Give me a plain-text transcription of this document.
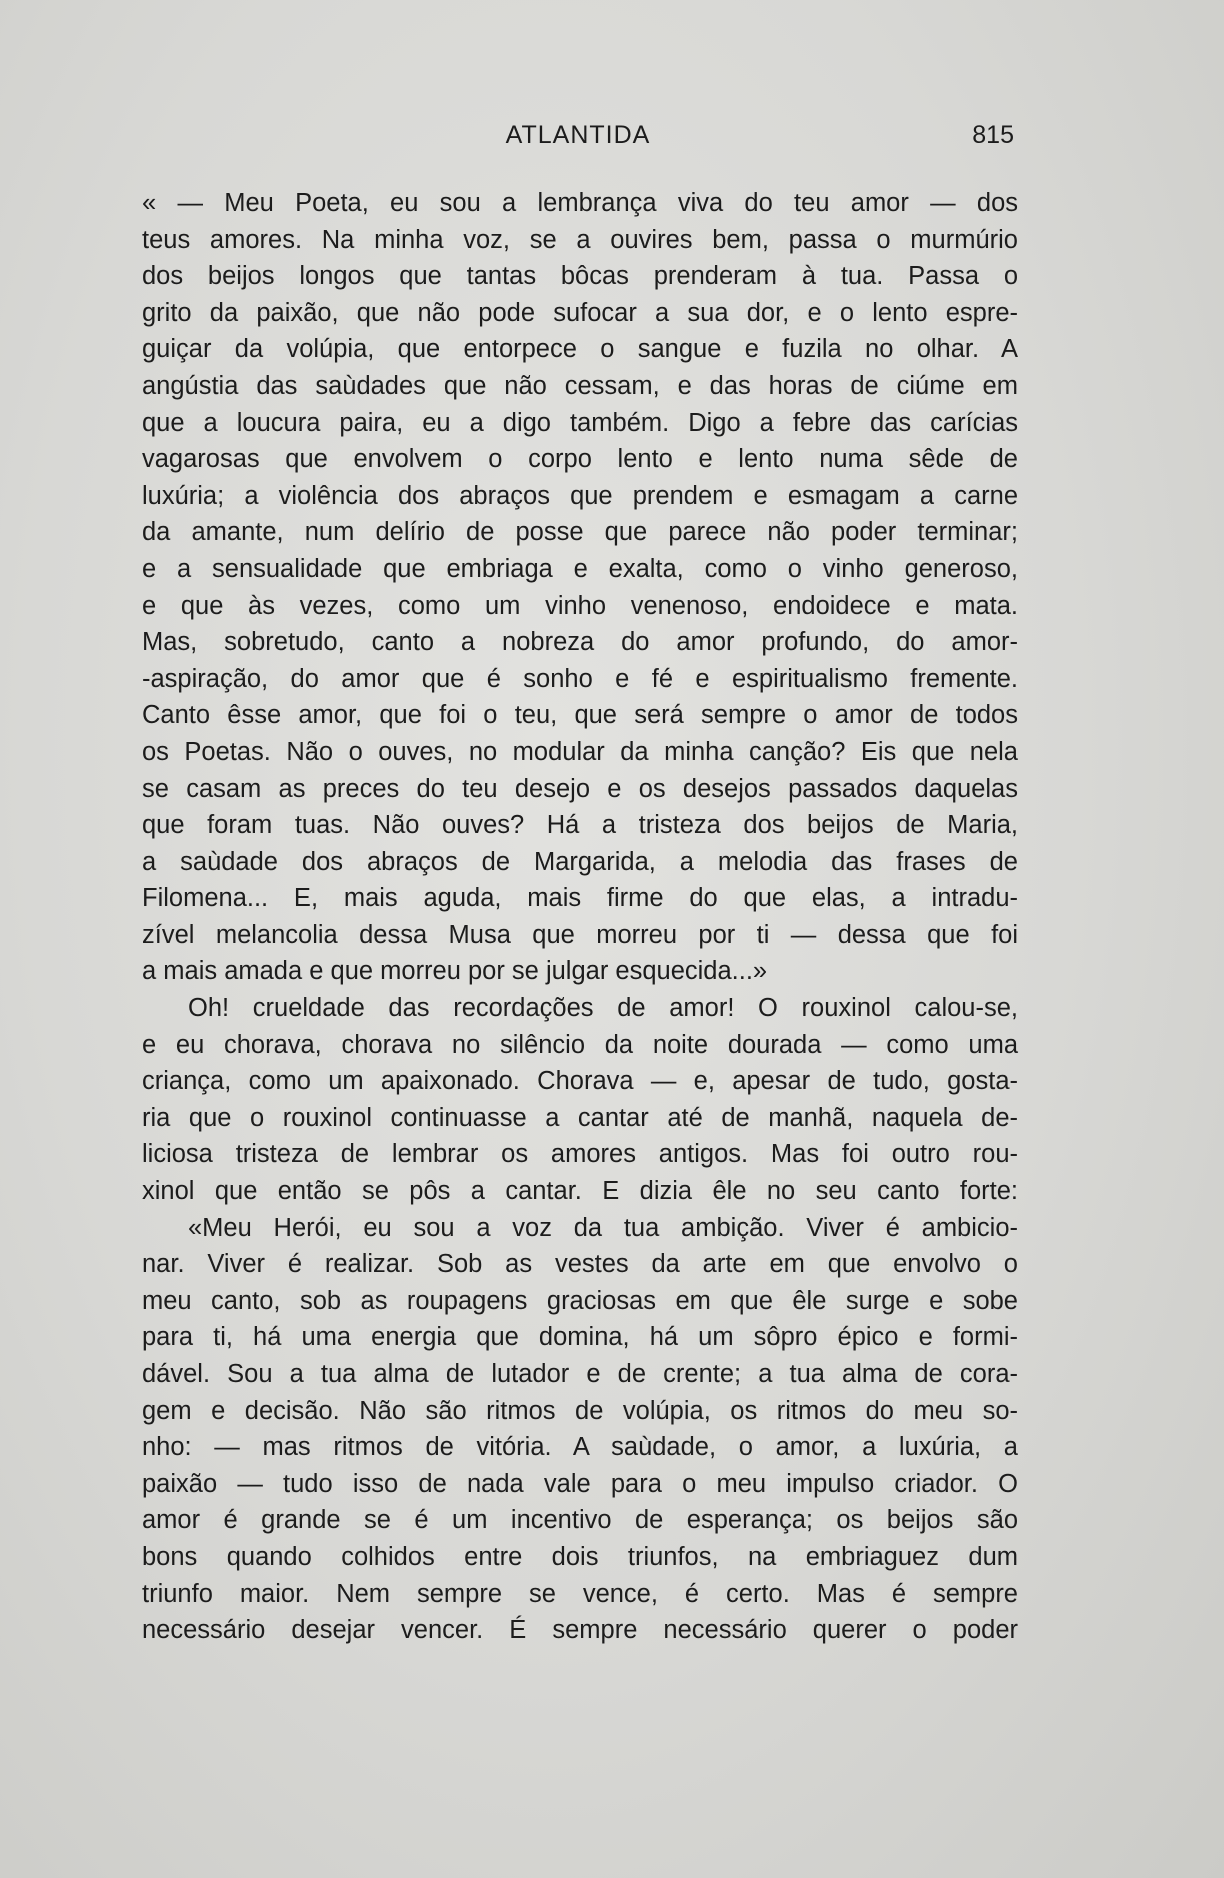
ATLANTIDA	815
« — Meu Poeta, eu sou a lembrança viva do teu amor — dos
teus amores. Na minha voz, se a ouvires bem, passa o murmúrio
dos beijos longos que tantas bôcas prenderam à tua. Passa o
grito da paixão, que não pode sufocar a sua dor, e o lento espre-
guiçar da volúpia, que entorpece o sangue e fuzila no olhar. A
angústia das saùdades que não cessam, e das horas de ciúme em
que a loucura paira, eu a digo também. Digo a febre das carícias
vagarosas que envolvem o corpo lento e lento numa sêde de
luxúria; a violência dos abraços que prendem e esmagam a carne
da amante, num delírio de posse que parece não poder terminar;
e a sensualidade que embriaga e exalta, como o vinho generoso,
e que às vezes, como um vinho venenoso, endoidece e mata.
Mas, sobretudo, canto a nobreza do amor profundo, do amor-
-aspiração, do amor que é sonho e fé e espiritualismo fremente.
Canto êsse amor, que foi o teu, que será sempre o amor de todos
os Poetas. Não o ouves, no modular da minha canção? Eis que nela
se casam as preces do teu desejo e os desejos passados daquelas
que foram tuas. Não ouves? Há a tristeza dos beijos de Maria,
a saùdade dos abraços de Margarida, a melodia das frases de
Filomena... E, mais aguda, mais firme do que elas, a intradu-
zível melancolia dessa Musa que morreu por ti — dessa que foi
a mais amada e que morreu por se julgar esquecida...»
Oh! crueldade das recordações de amor! O rouxinol calou-se,
e eu chorava, chorava no silêncio da noite dourada — como uma
criança, como um apaixonado. Chorava — e, apesar de tudo, gosta-
ria que o rouxinol continuasse a cantar até de manhã, naquela de-
liciosa tristeza de lembrar os amores antigos. Mas foi outro rou-
xinol que então se pôs a cantar. E dizia êle no seu canto forte:
«Meu Herói, eu sou a voz da tua ambição. Viver é ambicio-
nar. Viver é realizar. Sob as vestes da arte em que envolvo o
meu canto, sob as roupagens graciosas em que êle surge e sobe
para ti, há uma energia que domina, há um sôpro épico e formi-
dável. Sou a tua alma de lutador e de crente; a tua alma de cora-
gem e decisão. Não são ritmos de volúpia, os ritmos do meu so-
nho: — mas ritmos de vitória. A saùdade, o amor, a luxúria, a
paixão — tudo isso de nada vale para o meu impulso criador. O
amor é grande se é um incentivo de esperança; os beijos são
bons quando colhidos entre dois triunfos, na embriaguez dum
triunfo maior. Nem sempre se vence, é certo. Mas é sempre
necessário desejar vencer. É sempre necessário querer o poder
